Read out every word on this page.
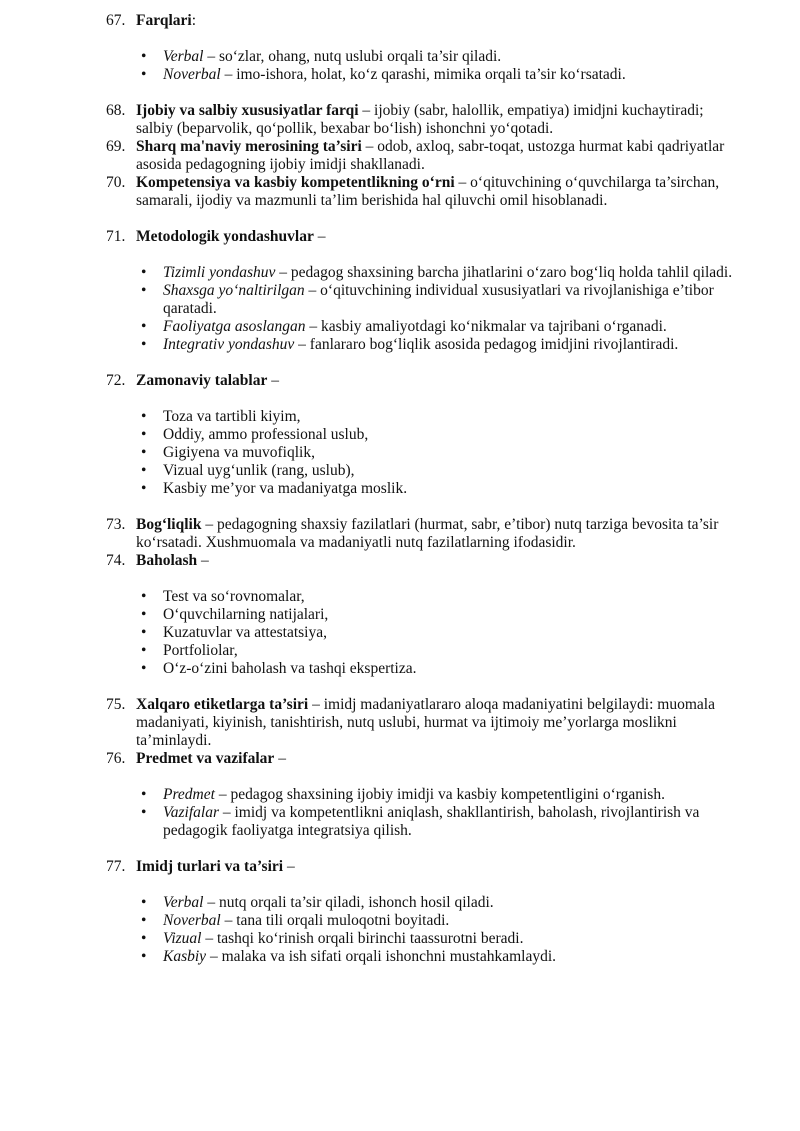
67. Farqlari:

• Verbal – so‘zlar, ohang, nutq uslubi orqali ta’sir qiladi.
• Noverbal – imo-ishora, holat, ko‘z qarashi, mimika orqali ta’sir ko‘rsatadi.

68. Ijobiy va salbiy xususiyatlar farqi – ijobiy (sabr, halollik, empatiya) imidjni kuchaytiradi; salbiy (beparvolik, qo‘pollik, bexabar bo‘lish) ishonchni yo‘qotadi.

69. Sharq ma'naviy merosining ta’siri – odob, axloq, sabr-toqat, ustozga hurmat kabi qadriyatlar asosida pedagogning ijobiy imidji shakllanadi.

70. Kompetensiya va kasbiy kompetentlikning o‘rni – o‘qituvchining o‘quvchilarga ta’sirchan, samarali, ijodiy va mazmunli ta’lim berishida hal qiluvchi omil hisoblanadi.

71. Metodologik yondashuvlar –

• Tizimli yondashuv – pedagog shaxsining barcha jihatlarini o‘zaro bog‘liq holda tahlil qiladi.
• Shaxsga yo‘naltirilgan – o‘qituvchining individual xususiyatlari va rivojlanishiga e’tibor qaratadi.
• Faoliyatga asoslangan – kasbiy amaliyotdagi ko‘nikmalar va tajribani o‘rganadi.
• Integrativ yondashuv – fanlararo bog‘liqlik asosida pedagog imidjini rivojlantiradi.

72. Zamonaviy talablar –

• Toza va tartibli kiyim,
• Oddiy, ammo professional uslub,
• Gigiyena va muvofiqlik,
• Vizual uyg‘unlik (rang, uslub),
• Kasbiy me’yor va madaniyatga moslik.

73. Bog‘liqlik – pedagogning shaxsiy fazilatlari (hurmat, sabr, e’tibor) nutq tarziga bevosita ta’sir ko‘rsatadi. Xushmuomala va madaniyatli nutq fazilatlarning ifodasidir.

74. Baholash –

• Test va so‘rovnomalar,
• O‘quvchilarning natijalari,
• Kuzatuvlar va attestatsiya,
• Portfoliolar,
• O‘z-o‘zini baholash va tashqi ekspertiza.

75. Xalqaro etiketlarga ta’siri – imidj madaniyatlararo aloqa madaniyatini belgilaydi: muomala madaniyati, kiyinish, tanishtirish, nutq uslubi, hurmat va ijtimoiy me’yorlarga moslikni ta’minlaydi.

76. Predmet va vazifalar –

• Predmet – pedagog shaxsining ijobiy imidji va kasbiy kompetentligini o‘rganish.
• Vazifalar – imidj va kompetentlikni aniqlash, shakllantirish, baholash, rivojlantirish va pedagogik faoliyatga integratsiya qilish.

77. Imidj turlari va ta’siri –

• Verbal – nutq orqali ta’sir qiladi, ishonch hosil qiladi.
• Noverbal – tana tili orqali muloqotni boyitadi.
• Vizual – tashqi ko‘rinish orqali birinchi taassurotni beradi.
• Kasbiy – malaka va ish sifati orqali ishonchni mustahkamlaydi.
